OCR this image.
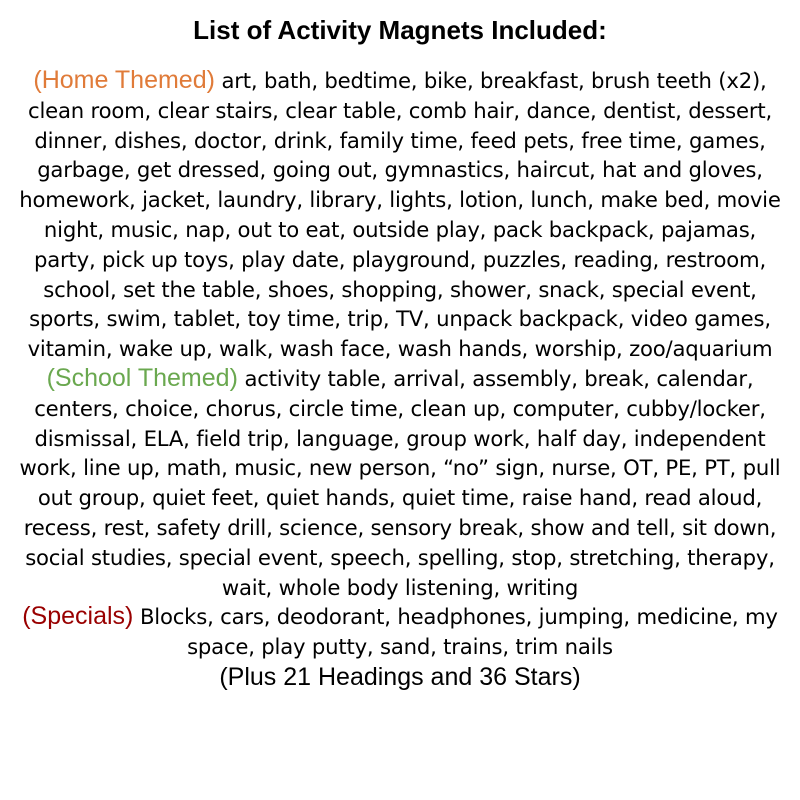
List of Activity Magnets Included:

(Home Themed) art, bath, bedtime, bike, breakfast, brush teeth (x2), clean room, clear stairs, clear table, comb hair, dance, dentist, dessert, dinner, dishes, doctor, drink, family time, feed pets, free time, games, garbage, get dressed, going out, gymnastics, haircut, hat and gloves, homework, jacket, laundry, library, lights, lotion, lunch, make bed, movie night, music, nap, out to eat, outside play, pack backpack, pajamas, party, pick up toys, play date, playground, puzzles, reading, restroom, school, set the table, shoes, shopping, shower, snack, special event, sports, swim, tablet, toy time, trip, TV, unpack backpack, video games, vitamin, wake up, walk, wash face, wash hands, worship, zoo/aquarium

(School Themed) activity table, arrival, assembly, break, calendar, centers, choice, chorus, circle time, clean up, computer, cubby/locker, dismissal, ELA, field trip, language, group work, half day, independent work, line up, math, music, new person, “no” sign, nurse, OT, PE, PT, pull out group, quiet feet, quiet hands, quiet time, raise hand, read aloud, recess, rest, safety drill, science, sensory break, show and tell, sit down, social studies, special event, speech, spelling, stop, stretching, therapy, wait, whole body listening, writing

(Specials) Blocks, cars, deodorant, headphones, jumping, medicine, my space, play putty, sand, trains, trim nails

(Plus 21 Headings and 36 Stars)
